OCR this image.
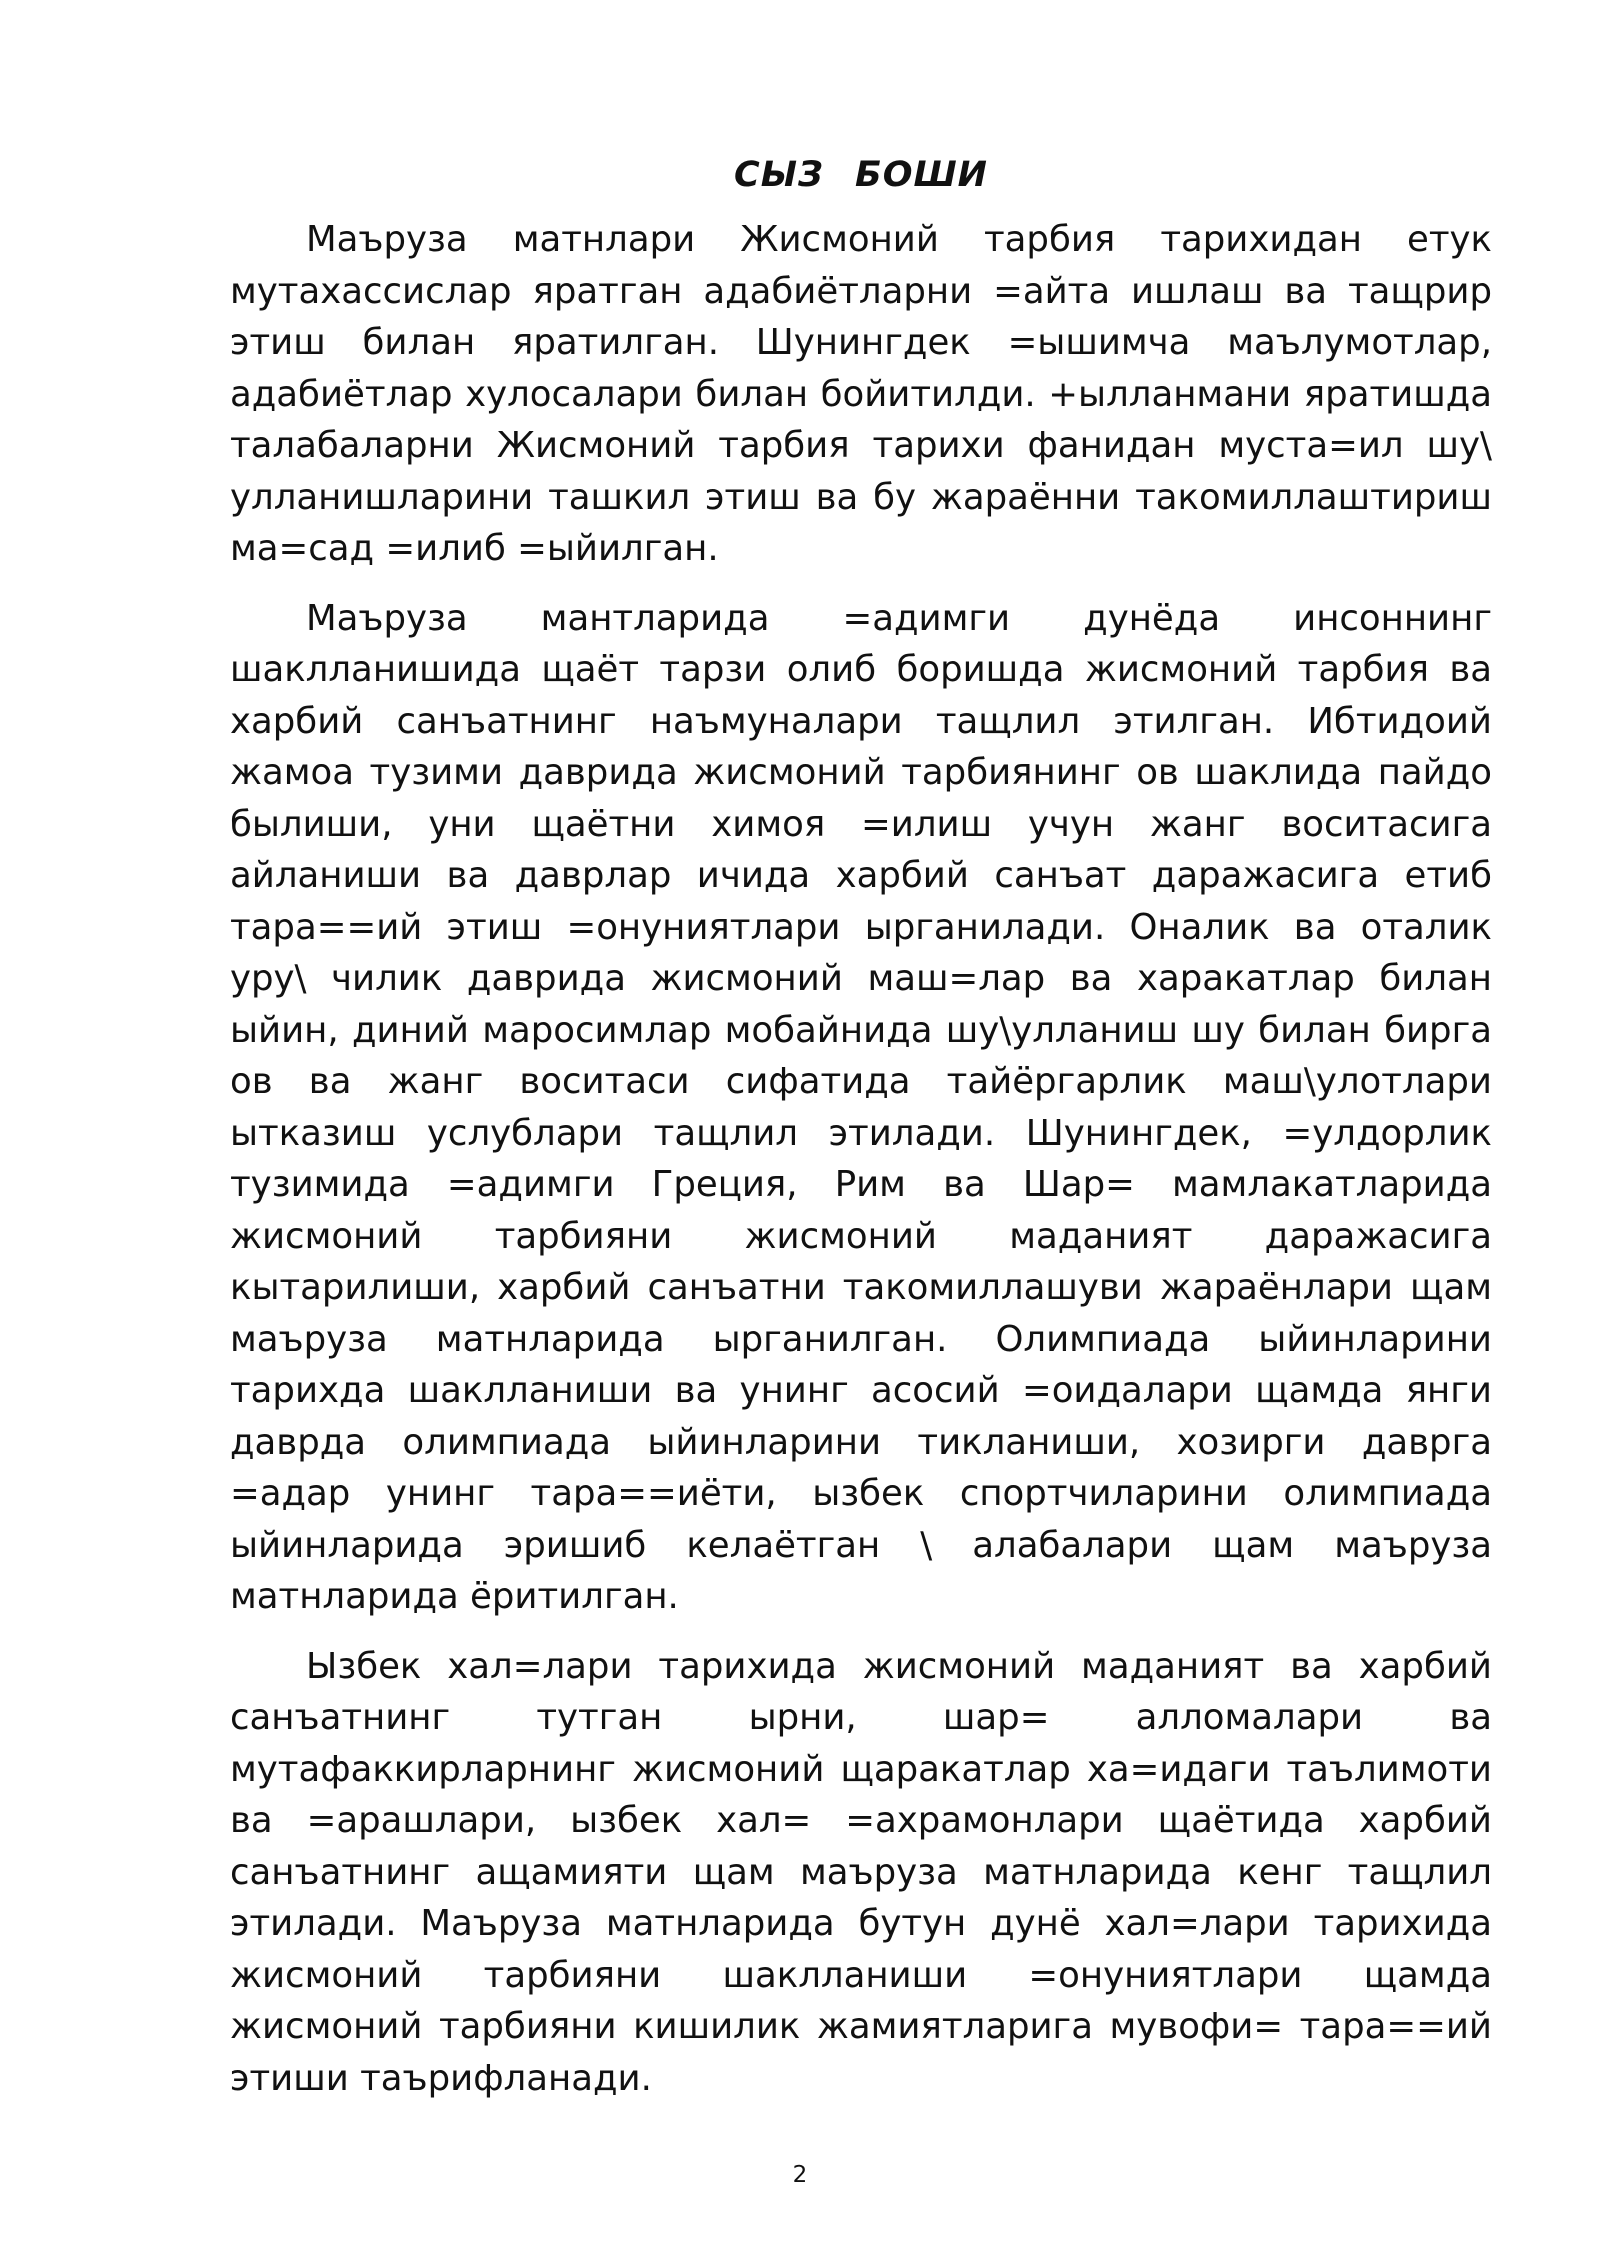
СЫЗ БОШИ

Маъруза матнлари Жисмоний тарбия тарихидан етук мутахассислар яратган адабиётларни =айта ишлаш ва тащрир этиш билан яратилган. Шунингдек =ышимча маълумотлар, адабиётлар хулосалари билан бойитилди. +ылланмани яратишда талабаларни Жисмоний тарбия тарихи фанидан муста=ил шу\ улланишларини ташкил этиш ва бу жараённи такомиллаштириш ма=сад =илиб =ыйилган.

Маъруза мантларида =адимги дунёда инсоннинг шаклланишида щаёт тарзи олиб боришда жисмоний тарбия ва харбий санъатнинг наъмуналари тащлил этилган. Ибтидоий жамоа тузими даврида жисмоний тарбиянинг ов шаклида пайдо былиши, уни щаётни химоя =илиш учун жанг воситасига айланиши ва даврлар ичида харбий санъат даражасига етиб тара==ий этиш =онуниятлари ырганилади. Оналик ва оталик уру\ чилик даврида жисмоний маш=лар ва харакатлар билан ыйин, диний маросимлар мобайнида шу\улланиш шу билан бирга ов ва жанг воситаси сифатида тайёргарлик маш\улотлари ыткaзиш услублари тащлил этилади. Шунингдек, =улдорлик тузимида =адимги Греция, Рим ва Шар= мамлакатларида жисмоний тарбияни жисмоний маданият даражасига кытарилиши, харбий санъатни такомиллашуви жараёнлари щам маъруза матнларида ырганилган. Олимпиада ыйинларини тарихда шаклланиши ва унинг асосий =оидалари щамда янги даврда олимпиада ыйинларини тикланиши, хозирги даврга =адар унинг тара==иёти, ызбек спортчиларини олимпиада ыйинларида эришиб келаётган \ алабалари щам маъруза матнларида ёритилган.

Ызбек хал=лари тарихида жисмоний маданият ва харбий санъатнинг тутган ырни, шар= алломалари ва мутафаккирларнинг жисмоний щаракатлар ха=идаги таълимоти ва =арашлари, ызбек хал= =ахрамонлари щаётида харбий санъатнинг ащамияти щам маъруза матнларида кенг тащлил этилади. Маъруза матнларида бутун дунё хал=лари тарихида жисмоний тарбияни шаклланиши =онуниятлари щамда жисмоний тарбияни кишилик жамиятларига мувофи= тара==ий этиши таърифланади.

2
